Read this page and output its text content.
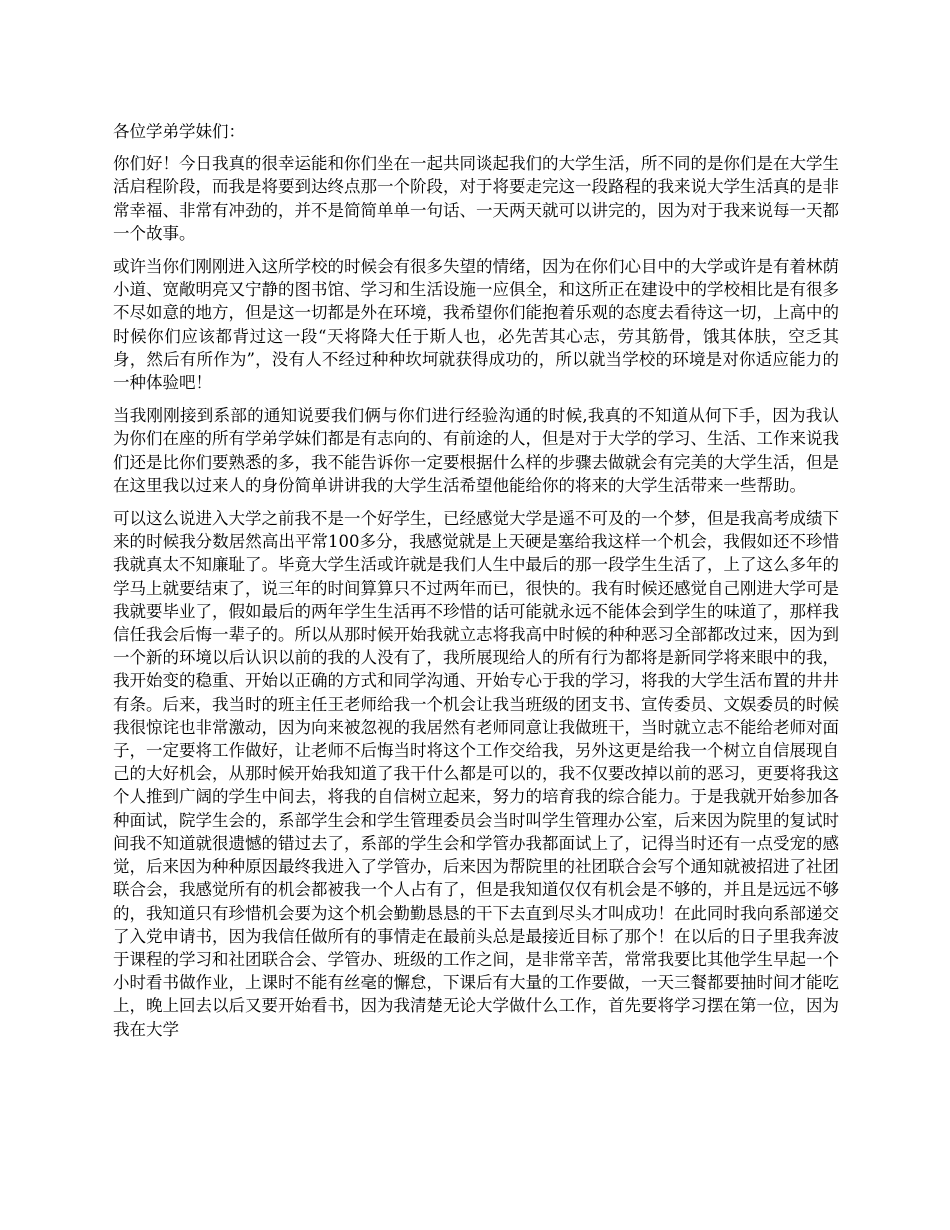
各位学弟学妹们：

你们好！今日我真的很幸运能和你们坐在一起共同谈起我们的大学生活，所不同的是你们是在大学生活启程阶段，而我是将要到达终点那一个阶段，对于将要走完这一段路程的我来说大学生活真的是非常幸福、非常有冲劲的，并不是简简单单一句话、一天两天就可以讲完的，因为对于我来说每一天都一个故事。

或许当你们刚刚进入这所学校的时候会有很多失望的情绪，因为在你们心目中的大学或许是有着林荫小道、宽敞明亮又宁静的图书馆、学习和生活设施一应俱全，和这所正在建设中的学校相比是有很多不尽如意的地方，但是这一切都是外在环境，我希望你们能抱着乐观的态度去看待这一切，上高中的时候你们应该都背过这一段“天将降大任于斯人也，必先苦其心志，劳其筋骨，饿其体肤，空乏其身，然后有所作为”，没有人不经过种种坎坷就获得成功的，所以就当学校的环境是对你适应能力的一种体验吧！

当我刚刚接到系部的通知说要我们俩与你们进行经验沟通的时候,我真的不知道从何下手，因为我认为你们在座的所有学弟学妹们都是有志向的、有前途的人，但是对于大学的学习、生活、工作来说我们还是比你们要熟悉的多，我不能告诉你一定要根据什么样的步骤去做就会有完美的大学生活，但是在这里我以过来人的身份简单讲讲我的大学生活希望他能给你的将来的大学生活带来一些帮助。

可以这么说进入大学之前我不是一个好学生，已经感觉大学是遥不可及的一个梦，但是我高考成绩下来的时候我分数居然高出平常100多分，我感觉就是上天硬是塞给我这样一个机会，我假如还不珍惜我就真太不知廉耻了。毕竟大学生活或许就是我们人生中最后的那一段学生生活了，上了这么多年的学马上就要结束了，说三年的时间算算只不过两年而已，很快的。我有时候还感觉自己刚进大学可是我就要毕业了，假如最后的两年学生生活再不珍惜的话可能就永远不能体会到学生的味道了，那样我信任我会后悔一辈子的。所以从那时候开始我就立志将我高中时候的种种恶习全部都改过来，因为到一个新的环境以后认识以前的我的人没有了，我所展现给人的所有行为都将是新同学将来眼中的我，我开始变的稳重、开始以正确的方式和同学沟通、开始专心于我的学习，将我的大学生活布置的井井有条。后来，我当时的班主任王老师给我一个机会让我当班级的团支书、宣传委员、文娱委员的时候我很惊诧也非常激动，因为向来被忽视的我居然有老师同意让我做班干，当时就立志不能给老师对面子，一定要将工作做好，让老师不后悔当时将这个工作交给我，另外这更是给我一个树立自信展现自己的大好机会，从那时候开始我知道了我干什么都是可以的，我不仅要改掉以前的恶习，更要将我这个人推到广阔的学生中间去，将我的自信树立起来，努力的培育我的综合能力。于是我就开始参加各种面试，院学生会的，系部学生会和学生管理委员会当时叫学生管理办公室，后来因为院里的复试时间我不知道就很遗憾的错过去了，系部的学生会和学管办我都面试上了，记得当时还有一点受宠的感觉，后来因为种种原因最终我进入了学管办，后来因为帮院里的社团联合会写个通知就被招进了社团联合会，我感觉所有的机会都被我一个人占有了，但是我知道仅仅有机会是不够的，并且是远远不够的，我知道只有珍惜机会要为这个机会勤勤恳恳的干下去直到尽头才叫成功！在此同时我向系部递交了入党申请书，因为我信任做所有的事情走在最前头总是最接近目标了那个！在以后的日子里我奔波于课程的学习和社团联合会、学管办、班级的工作之间，是非常辛苦，常常我要比其他学生早起一个小时看书做作业，上课时不能有丝毫的懈怠，下课后有大量的工作要做，一天三餐都要抽时间才能吃上，晚上回去以后又要开始看书，因为我清楚无论大学做什么工作，首先要将学习摆在第一位，因为我在大学
